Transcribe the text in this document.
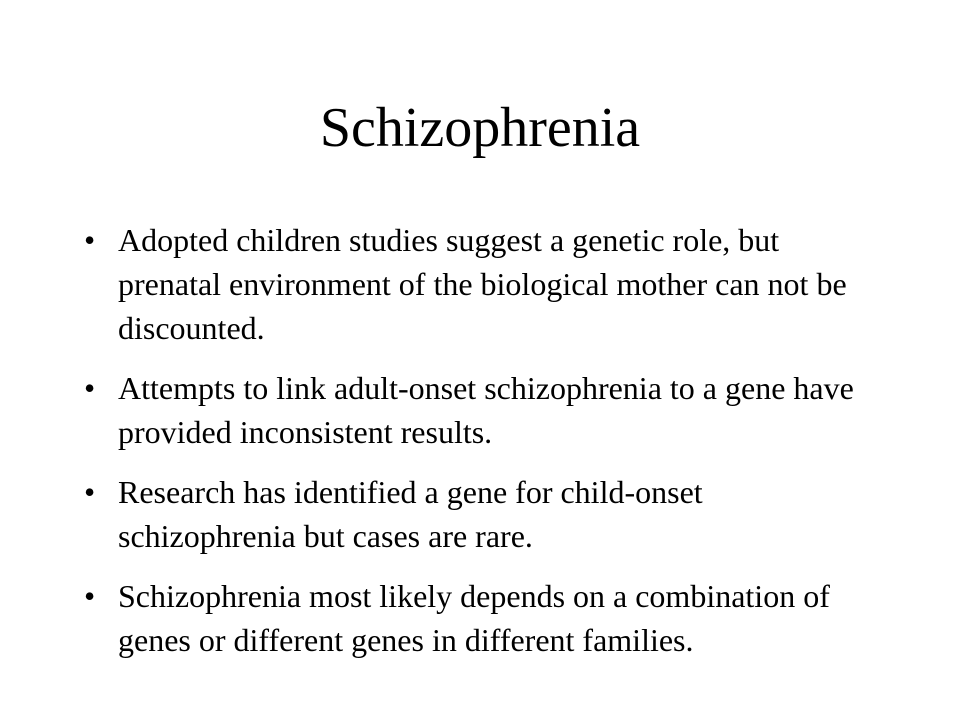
Schizophrenia
• Adopted children studies suggest a genetic role, but prenatal environment of the biological mother can not be discounted.
• Attempts to link adult-onset schizophrenia to a gene have provided inconsistent results.
• Research has identified a gene for child-onset schizophrenia but cases are rare.
• Schizophrenia most likely depends on a combination of genes or different genes in different families.
